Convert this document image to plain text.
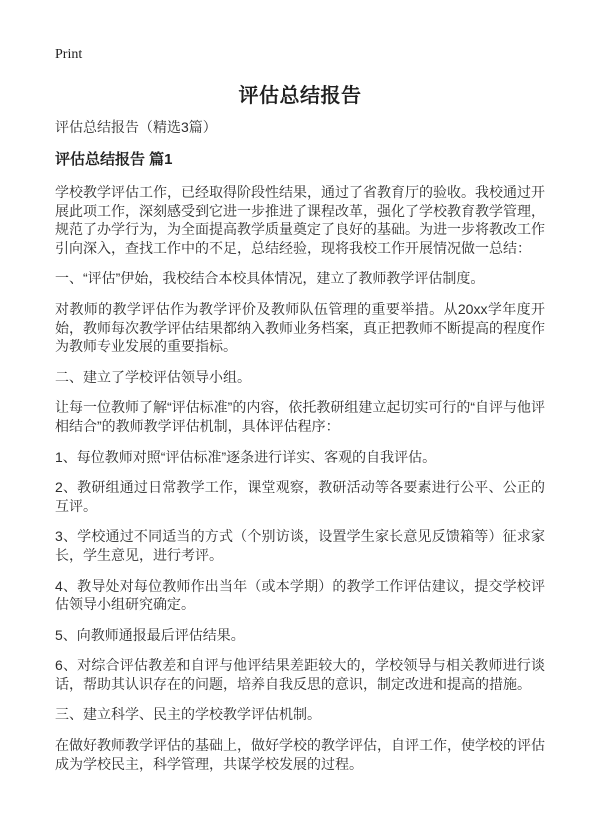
Print
评估总结报告

评估总结报告（精选3篇）

评估总结报告 篇1

学校教学评估工作，已经取得阶段性结果，通过了省教育厅的验收。我校通过开展此项工作，深刻感受到它进一步推进了课程改革，强化了学校教育教学管理，规范了办学行为，为全面提高教学质量奠定了良好的基础。为进一步将教改工作引向深入，查找工作中的不足，总结经验，现将我校工作开展情况做一总结：

一、“评估”伊始，我校结合本校具体情况，建立了教师教学评估制度。

对教师的教学评估作为教学评价及教师队伍管理的重要举措。从20xx学年度开始，教师每次教学评估结果都纳入教师业务档案，真正把教师不断提高的程度作为教师专业发展的重要指标。

二、建立了学校评估领导小组。

让每一位教师了解“评估标准”的内容，依托教研组建立起切实可行的“自评与他评相结合”的教师教学评估机制，具体评估程序：

1、每位教师对照“评估标准”逐条进行详实、客观的自我评估。

2、教研组通过日常教学工作，课堂观察，教研活动等各要素进行公平、公正的互评。

3、学校通过不同适当的方式（个别访谈，设置学生家长意见反馈箱等）征求家长，学生意见，进行考评。

4、教导处对每位教师作出当年（或本学期）的教学工作评估建议，提交学校评估领导小组研究确定。

5、向教师通报最后评估结果。

6、对综合评估教差和自评与他评结果差距较大的，学校领导与相关教师进行谈话，帮助其认识存在的问题，培养自我反思的意识，制定改进和提高的措施。

三、建立科学、民主的学校教学评估机制。

在做好教师教学评估的基础上，做好学校的教学评估，自评工作，使学校的评估成为学校民主，科学管理，共谋学校发展的过程。
